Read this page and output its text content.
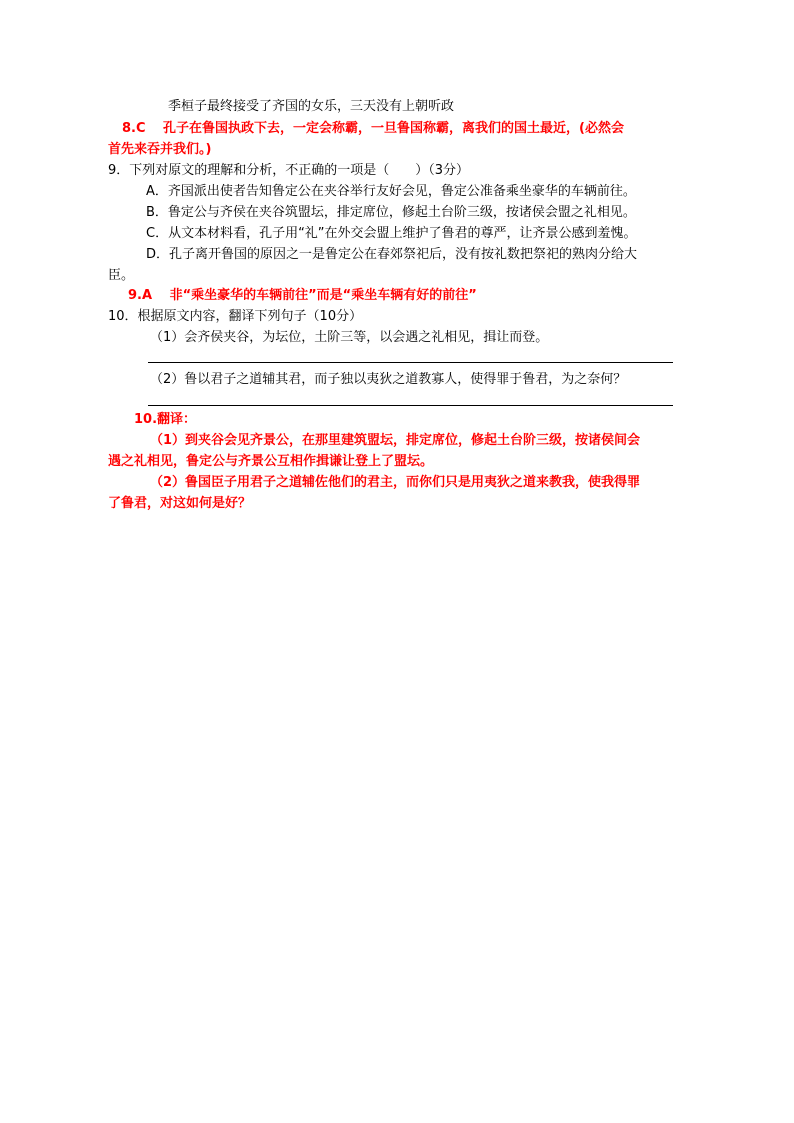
季桓子最终接受了齐国的女乐，三天没有上朝听政
8.C　 孔子在鲁国执政下去，一定会称霸，一旦鲁国称霸，离我们的国土最近，(必然会
首先来吞并我们。)
9．下列对原文的理解和分析，不正确的一项是（　　）（3分）
A．齐国派出使者告知鲁定公在夹谷举行友好会见，鲁定公准备乘坐豪华的车辆前往。
B．鲁定公与齐侯在夹谷筑盟坛，排定席位，修起土台阶三级，按诸侯会盟之礼相见。
C．从文本材料看，孔子用“礼”在外交会盟上维护了鲁君的尊严，让齐景公感到羞愧。
D．孔子离开鲁国的原因之一是鲁定公在春郊祭祀后，没有按礼数把祭祀的熟肉分给大
臣。
9.A　 非“乘坐豪华的车辆前往”而是“乘坐车辆有好的前往”
10．根据原文内容，翻译下列句子（10分）
（1）会齐侯夹谷，为坛位，土阶三等，以会遇之礼相见，揖让而登。
（2）鲁以君子之道辅其君，而子独以夷狄之道教寡人，使得罪于鲁君，为之奈何？
10.翻译：
（1）到夹谷会见齐景公，在那里建筑盟坛，排定席位，修起土台阶三级，按诸侯间会
遇之礼相见，鲁定公与齐景公互相作揖谦让登上了盟坛。
（2）鲁国臣子用君子之道辅佐他们的君主，而你们只是用夷狄之道来教我，使我得罪
了鲁君，对这如何是好？
